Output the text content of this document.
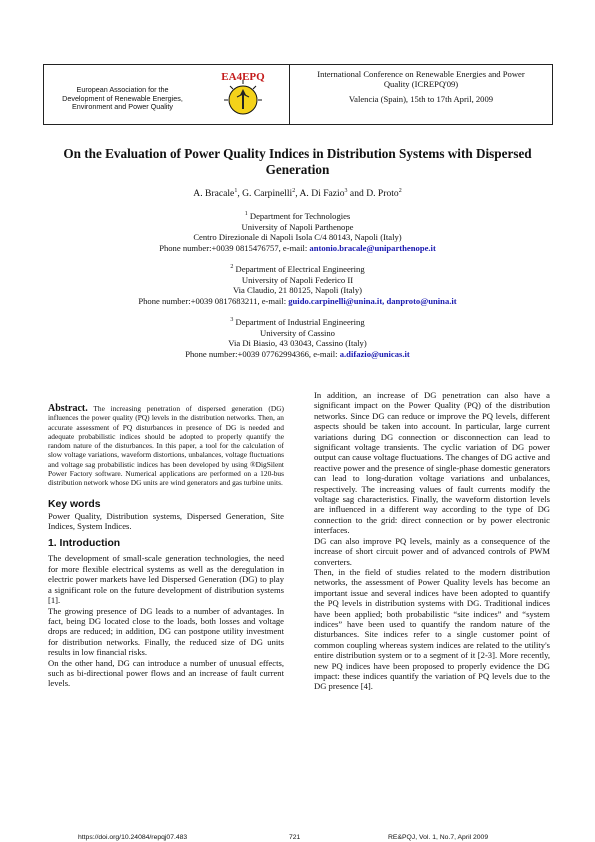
European Association for the
Development of Renewable Energies,
Environment and Power Quality
EA4EPQ	International Conference on Renewable Energies and Power
Quality (ICREPQ'09)
Valencia (Spain), 15th to 17th April, 2009
On the Evaluation of Power Quality Indices in Distribution Systems with Dispersed Generation
A. Bracale$^1$, G. Carpinelli$^2$, A. Di Fazio$^3$ and D. Proto$^2$
$^1$ Department for Technologies
University of Napoli Parthenope
Centro Direzionale di Napoli Isola C/4 80143, Napoli (Italy)
Phone number:+0039 0815476757, e-mail: antonio.bracale@uniparthenope.it
$^2$ Department of Electrical Engineering
University of Napoli Federico II
Via Claudio, 21 80125, Napoli (Italy)
Phone number:+0039 0817683211, e-mail: guido.carpinelli@unina.it, danproto@unina.it
$^3$ Department of Industrial Engineering
University of Cassino
Via Di Biasio, 43 03043, Cassino (Italy)
Phone number:+0039 07762994366, e-mail: a.difazio@unicas.it

Abstract. The increasing penetration of dispersed generation (DG) influences the power quality (PQ) levels in the distribution networks. Then, an accurate assessment of PQ disturbances in presence of DG is needed and adequate probabilistic indices should be adopted to properly quantify the random nature of the disturbances. In this paper, a tool for the calculation of slow voltage variations, waveform distortions, unbalances, voltage fluctuations and voltage sag probabilistic indices has been developed by using ®DigSilent Power Factory software. Numerical applications are performed on a 120-bus distribution network whose DG units are wind generators and gas turbine units.

Key words

Power Quality, Distribution systems, Dispersed Generation, Site Indices, System Indices.

1. Introduction

The development of small-scale generation technologies, the need for more flexible electrical systems as well as the deregulation in electric power markets have led Dispersed Generation (DG) to play a significant role on the future development of distribution systems [1].

The growing presence of DG leads to a number of advantages. In fact, being DG located close to the loads, both losses and voltage drops are reduced; in addition, DG can postpone utility investment for distribution networks. Finally, the reduced size of DG units results in low financial risks.

On the other hand, DG can introduce a number of unusual effects, such as bi-directional power flows and an increase of fault current levels.

In addition, an increase of DG penetration can also have a significant impact on the Power Quality (PQ) of the distribution networks. Since DG can reduce or improve the PQ levels, different aspects should be taken into account. In particular, large current variations during DG connection or disconnection can lead to significant voltage transients. The cyclic variation of DG power output can cause voltage fluctuations. The changes of DG active and reactive power and the presence of single-phase domestic generators can lead to long-duration voltage variations and unbalances, respectively. The increasing values of fault currents modify the voltage sag characteristics. Finally, the waveform distortion levels are influenced in a different way according to the type of DG connection to the grid: direct connection or by power electronic interfaces.

DG can also improve PQ levels, mainly as a consequence of the increase of short circuit power and of advanced controls of PWM converters.

Then, in the field of studies related to the modern distribution networks, the assessment of Power Quality levels has become an important issue and several indices have been adopted to quantify the PQ levels in distribution systems with DG. Traditional indices have been applied; both probabilistic “site indices” and “system indices” have been used to quantify the random nature of the disturbances. Site indices refer to a single customer point of common coupling whereas system indices are related to the utility's entire distribution system or to a segment of it [2-3]. More recently, new PQ indices have been proposed to properly evidence the DG impact: these indices quantify the variation of PQ levels due to the DG presence [4].

https://doi.org/10.24084/repqj07.483	721	RE&PQJ, Vol. 1, No.7, April 2009
